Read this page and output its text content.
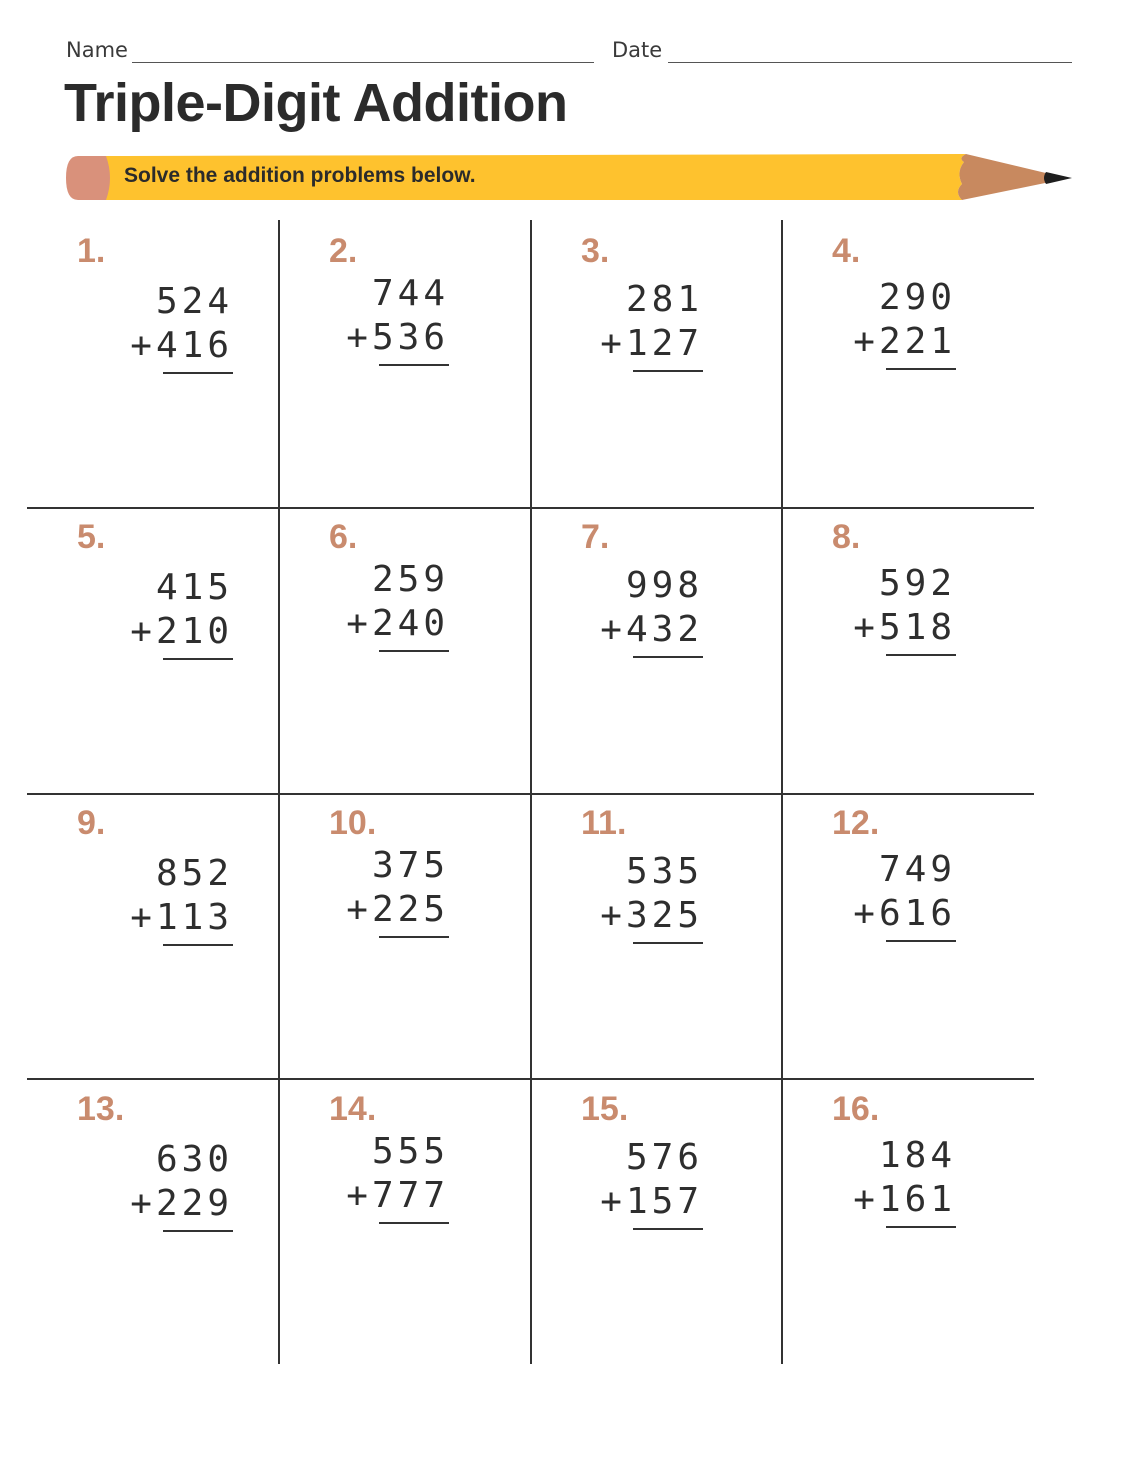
Name	Date
Triple-Digit Addition
Solve the addition problems below.
1.
524
+416
2.
744
+536
3.
281
+127
4.
290
+221
5.
415
+210
6.
259
+240
7.
998
+432
8.
592
+518
9.
852
+113
10.
375
+225
11.
535
+325
12.
749
+616
13.
630
+229
14.
555
+777
15.
576
+157
16.
184
+161
